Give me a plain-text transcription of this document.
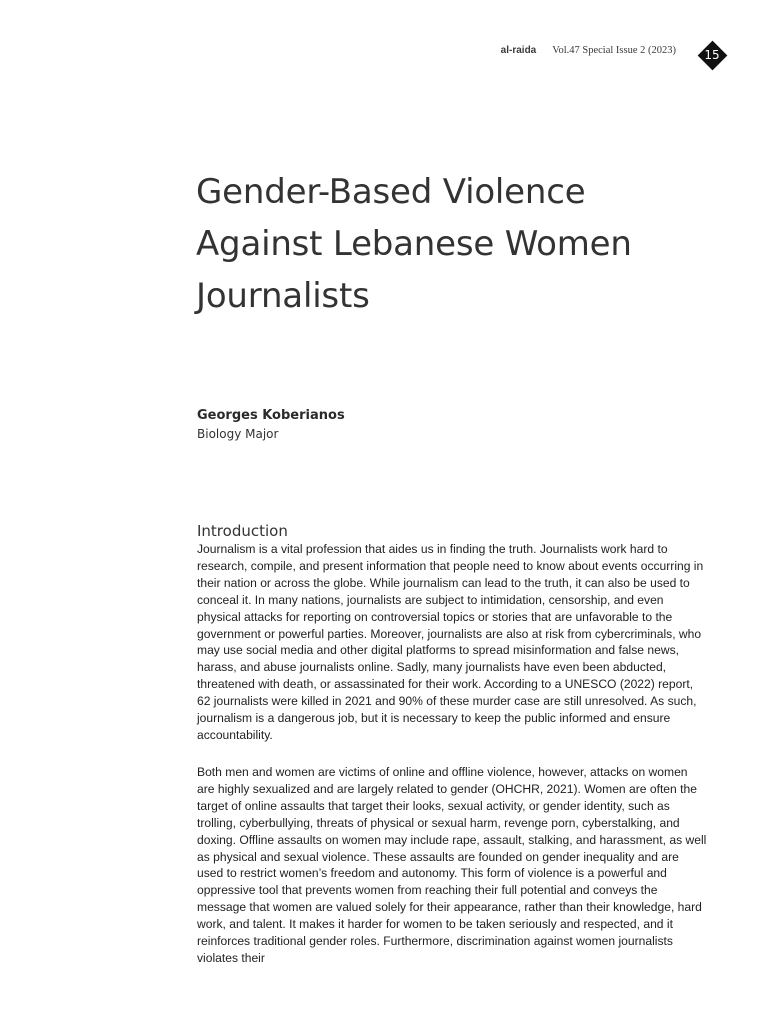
al-raida Vol.47 Special Issue 2 (2023)	15
Gender-Based Violence Against Lebanese Women Journalists
Georges Koberianos
Biology Major
Introduction

Journalism is a vital profession that aides us in finding the truth. Journalists work hard to research, compile, and present information that people need to know about events occurring in their nation or across the globe. While journalism can lead to the truth, it can also be used to conceal it. In many nations, journalists are subject to intimidation, censorship, and even physical attacks for reporting on controversial topics or stories that are unfavorable to the government or powerful parties. Moreover, journalists are also at risk from cybercriminals, who may use social media and other digital platforms to spread misinformation and false news, harass, and abuse journalists online. Sadly, many journalists have even been abducted, threatened with death, or assassinated for their work. According to a UNESCO (2022) report, 62 journalists were killed in 2021 and 90% of these murder case are still unresolved. As such, journalism is a dangerous job, but it is necessary to keep the public informed and ensure accountability.

Both men and women are victims of online and offline violence, however, attacks on women are highly sexualized and are largely related to gender (OHCHR, 2021). Women are often the target of online assaults that target their looks, sexual activity, or gender identity, such as trolling, cyberbullying, threats of physical or sexual harm, revenge porn, cyberstalking, and doxing. Offline assaults on women may include rape, assault, stalking, and harassment, as well as physical and sexual violence. These assaults are founded on gender inequality and are used to restrict women’s freedom and autonomy. This form of violence is a powerful and oppressive tool that prevents women from reaching their full potential and conveys the message that women are valued solely for their appearance, rather than their knowledge, hard work, and talent. It makes it harder for women to be taken seriously and respected, and it reinforces traditional gender roles. Furthermore, discrimination against women journalists violates their
